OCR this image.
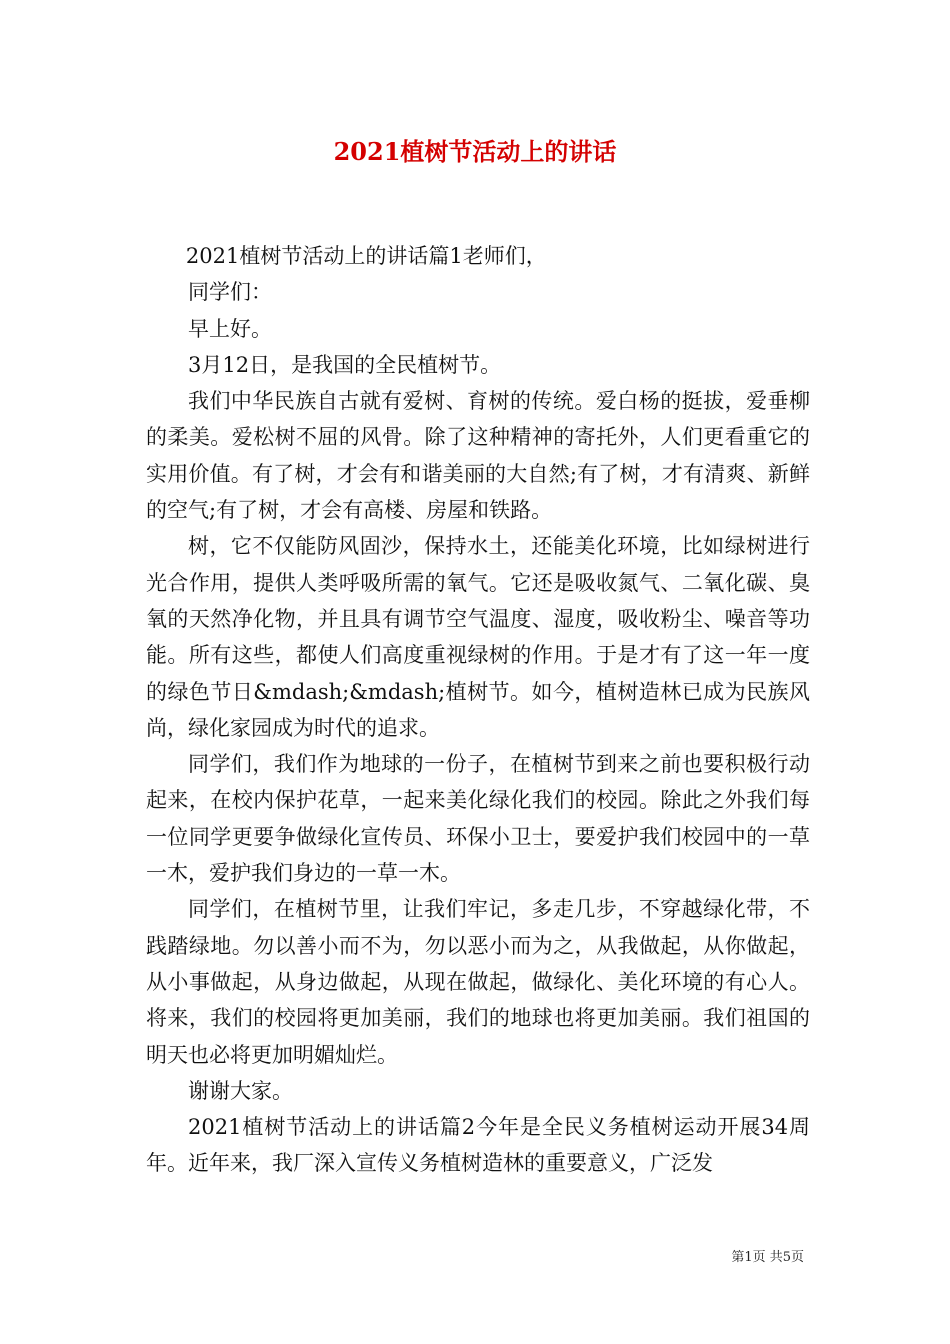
2021植树节活动上的讲话

2021植树节活动上的讲话篇1老师们，

同学们：

早上好。

3月12日，是我国的全民植树节。

我们中华民族自古就有爱树、育树的传统。爱白杨的挺拔，爱垂柳的柔美。爱松树不屈的风骨。除了这种精神的寄托外，人们更看重它的实用价值。有了树，才会有和谐美丽的大自然;有了树，才有清爽、新鲜的空气;有了树，才会有高楼、房屋和铁路。

树，它不仅能防风固沙，保持水土，还能美化环境，比如绿树进行光合作用，提供人类呼吸所需的氧气。它还是吸收氮气、二氧化碳、臭氧的天然净化物，并且具有调节空气温度、湿度，吸收粉尘、噪音等功能。所有这些，都使人们高度重视绿树的作用。于是才有了这一年一度的绿色节日&mdash;&mdash;植树节。如今，植树造林已成为民族风尚，绿化家园成为时代的追求。

同学们，我们作为地球的一份子，在植树节到来之前也要积极行动起来，在校内保护花草，一起来美化绿化我们的校园。除此之外我们每一位同学更要争做绿化宣传员、环保小卫士，要爱护我们校园中的一草一木，爱护我们身边的一草一木。

同学们，在植树节里，让我们牢记，多走几步，不穿越绿化带，不践踏绿地。勿以善小而不为，勿以恶小而为之，从我做起，从你做起，从小事做起，从身边做起，从现在做起，做绿化、美化环境的有心人。将来，我们的校园将更加美丽，我们的地球也将更加美丽。我们祖国的明天也必将更加明媚灿烂。

谢谢大家。

2021植树节活动上的讲话篇2今年是全民义务植树运动开展34周年。近年来，我厂深入宣传义务植树造林的重要意义，广泛发

第1页 共5页
